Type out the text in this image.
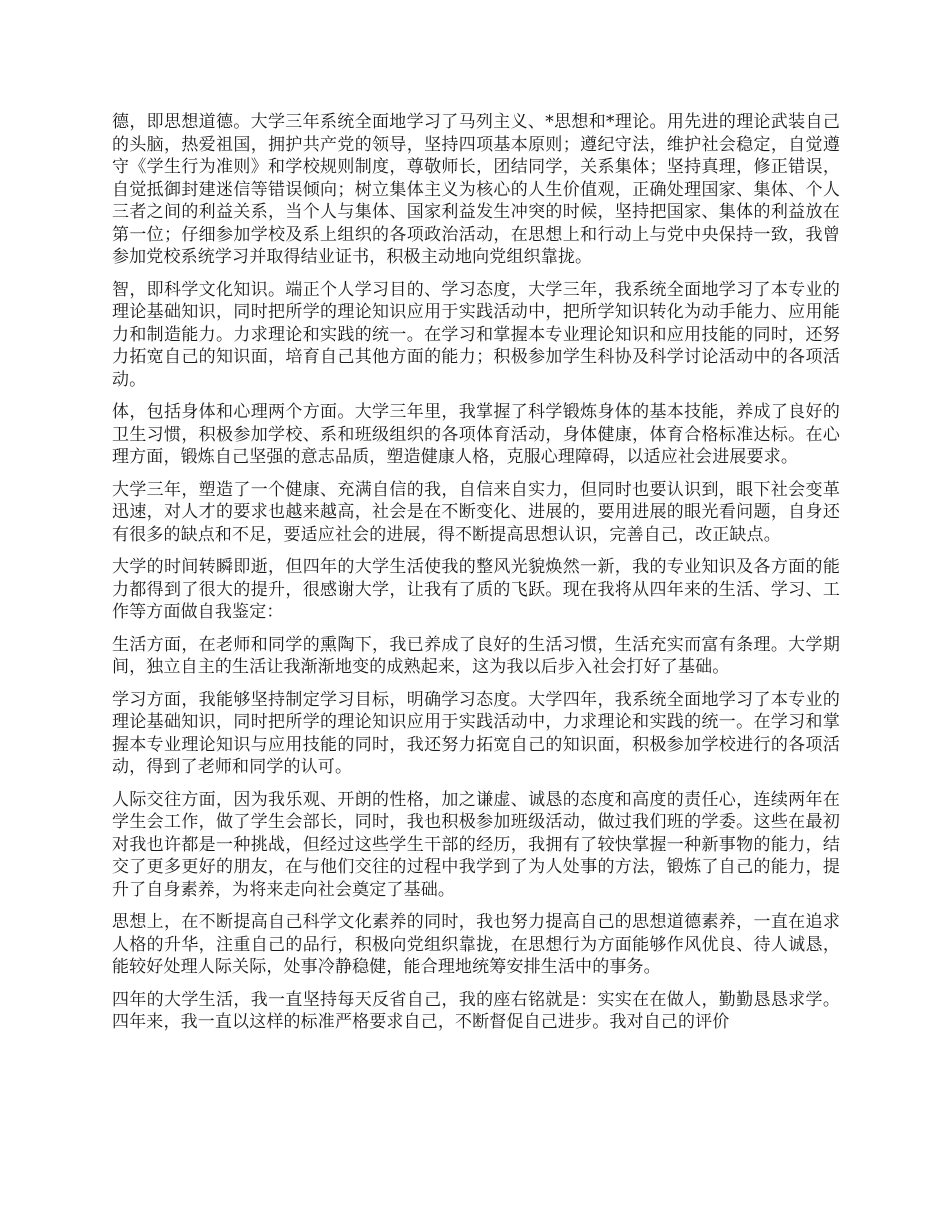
德，即思想道德。大学三年系统全面地学习了马列主义、*思想和*理论。用先进的理论武装自己的头脑，热爱祖国，拥护共产党的领导，坚持四项基本原则；遵纪守法，维护社会稳定，自觉遵守《学生行为准则》和学校规则制度，尊敬师长，团结同学，关系集体；坚持真理，修正错误，自觉抵御封建迷信等错误倾向；树立集体主义为核心的人生价值观，正确处理国家、集体、个人三者之间的利益关系，当个人与集体、国家利益发生冲突的时候，坚持把国家、集体的利益放在第一位；仔细参加学校及系上组织的各项政治活动，在思想上和行动上与党中央保持一致，我曾参加党校系统学习并取得结业证书，积极主动地向党组织靠拢。

智，即科学文化知识。端正个人学习目的、学习态度，大学三年，我系统全面地学习了本专业的理论基础知识，同时把所学的理论知识应用于实践活动中，把所学知识转化为动手能力、应用能力和制造能力。力求理论和实践的统一。在学习和掌握本专业理论知识和应用技能的同时，还努力拓宽自己的知识面，培育自己其他方面的能力；积极参加学生科协及科学讨论活动中的各项活动。

体，包括身体和心理两个方面。大学三年里，我掌握了科学锻炼身体的基本技能，养成了良好的卫生习惯，积极参加学校、系和班级组织的各项体育活动，身体健康，体育合格标准达标。在心理方面，锻炼自己坚强的意志品质，塑造健康人格，克服心理障碍，以适应社会进展要求。

大学三年，塑造了一个健康、充满自信的我，自信来自实力，但同时也要认识到，眼下社会变革迅速，对人才的要求也越来越高，社会是在不断变化、进展的，要用进展的眼光看问题，自身还有很多的缺点和不足，要适应社会的进展，得不断提高思想认识，完善自己，改正缺点。

大学的时间转瞬即逝，但四年的大学生活使我的整风光貌焕然一新，我的专业知识及各方面的能力都得到了很大的提升，很感谢大学，让我有了质的飞跃。现在我将从四年来的生活、学习、工作等方面做自我鉴定：

生活方面，在老师和同学的熏陶下，我已养成了良好的生活习惯，生活充实而富有条理。大学期间，独立自主的生活让我渐渐地变的成熟起来，这为我以后步入社会打好了基础。

学习方面，我能够坚持制定学习目标，明确学习态度。大学四年，我系统全面地学习了本专业的理论基础知识，同时把所学的理论知识应用于实践活动中，力求理论和实践的统一。在学习和掌握本专业理论知识与应用技能的同时，我还努力拓宽自己的知识面，积极参加学校进行的各项活动，得到了老师和同学的认可。

人际交往方面，因为我乐观、开朗的性格，加之谦虚、诚恳的态度和高度的责任心，连续两年在学生会工作，做了学生会部长，同时，我也积极参加班级活动，做过我们班的学委。这些在最初对我也许都是一种挑战，但经过这些学生干部的经历，我拥有了较快掌握一种新事物的能力，结交了更多更好的朋友，在与他们交往的过程中我学到了为人处事的方法，锻炼了自己的能力，提升了自身素养，为将来走向社会奠定了基础。

思想上，在不断提高自己科学文化素养的同时，我也努力提高自己的思想道德素养，一直在追求人格的升华，注重自己的品行，积极向党组织靠拢，在思想行为方面能够作风优良、待人诚恳，能较好处理人际关际，处事冷静稳健，能合理地统筹安排生活中的事务。

四年的大学生活，我一直坚持每天反省自己，我的座右铭就是：实实在在做人，勤勤恳恳求学。四年来，我一直以这样的标准严格要求自己，不断督促自己进步。我对自己的评价
